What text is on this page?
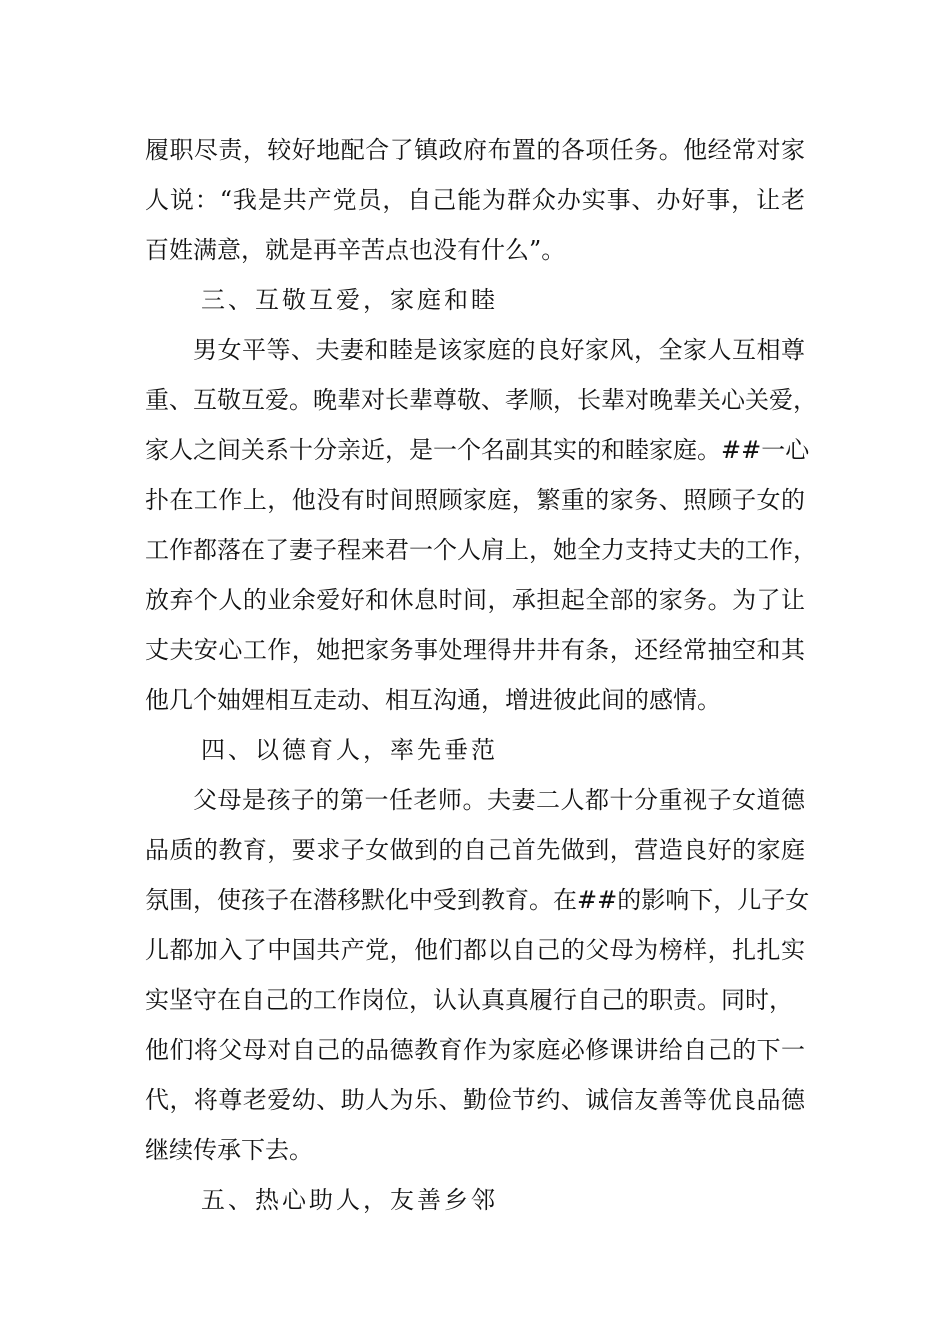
履职尽责，较好地配合了镇政府布置的各项任务。他经常对家
人说：“我是共产党员，自己能为群众办实事、办好事，让老
百姓满意，就是再辛苦点也没有什么”。
三、互敬互爱，家庭和睦
男女平等、夫妻和睦是该家庭的良好家风，全家人互相尊
重、互敬互爱。晚辈对长辈尊敬、孝顺，长辈对晚辈关心关爱，
家人之间关系十分亲近，是一个名副其实的和睦家庭。##一心
扑在工作上，他没有时间照顾家庭，繁重的家务、照顾子女的
工作都落在了妻子程来君一个人肩上，她全力支持丈夫的工作，
放弃个人的业余爱好和休息时间，承担起全部的家务。为了让
丈夫安心工作，她把家务事处理得井井有条，还经常抽空和其
他几个妯娌相互走动、相互沟通，增进彼此间的感情。
四、以德育人，率先垂范
父母是孩子的第一任老师。夫妻二人都十分重视子女道德
品质的教育，要求子女做到的自己首先做到，营造良好的家庭
氛围，使孩子在潜移默化中受到教育。在##的影响下，儿子女
儿都加入了中国共产党，他们都以自己的父母为榜样，扎扎实
实坚守在自己的工作岗位，认认真真履行自己的职责。同时，
他们将父母对自己的品德教育作为家庭必修课讲给自己的下一
代，将尊老爱幼、助人为乐、勤俭节约、诚信友善等优良品德
继续传承下去。
五、热心助人，友善乡邻
